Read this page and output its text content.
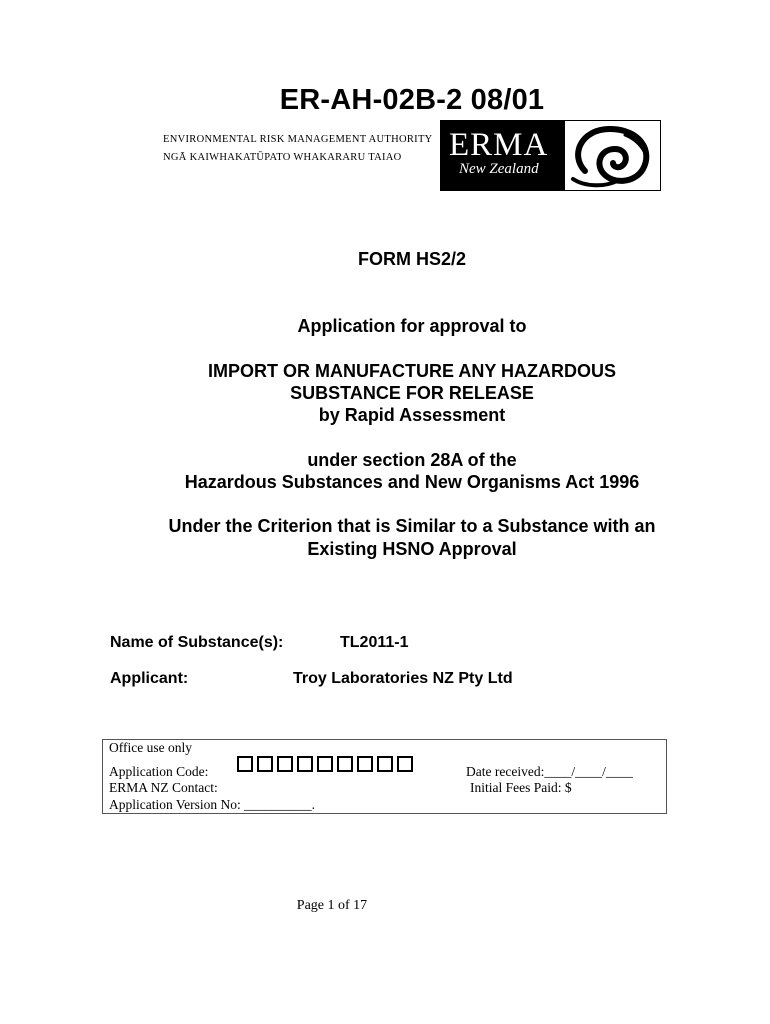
ER-AH-02B-2 08/01
ENVIRONMENTAL RISK MANAGEMENT AUTHORITY
NGĀ KAIWHAKATŪPATO WHAKARARU TAIAO ERMA
New Zealand
FORM HS2/2
Application for approval to
IMPORT OR MANUFACTURE ANY HAZARDOUS
SUBSTANCE FOR RELEASE
by Rapid Assessment
under section 28A of the
Hazardous Substances and New Organisms Act 1996
Under the Criterion that is Similar to a Substance with an
Existing HSNO Approval
Name of Substance(s):	TL2011-1
Applicant:	Troy Laboratories NZ Pty Ltd
Office use only
Application Code:
ERMA NZ Contact:
Application Version No: __________.
Date received:____/____/____
Initial Fees Paid: $
Page 1 of 17
